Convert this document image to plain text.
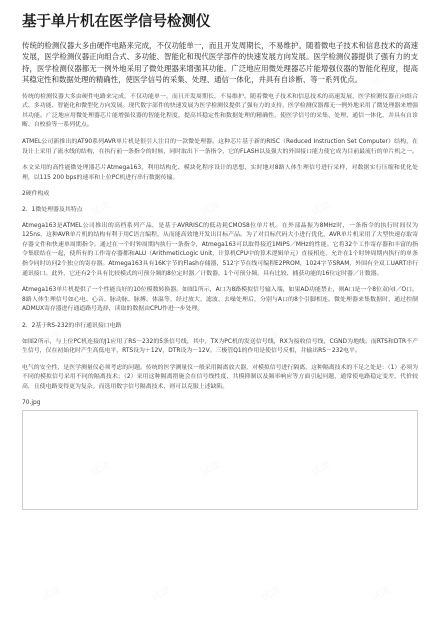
基于单片机在医学信号检测仪

传统的检测仪器大多由硬件电路来完成，不仅功能单一，而且开发周期长，不易维护。随着微电子技术和信息技术的高速发展，医学检测仪器正向组合式、多功能、智能化和现代医学部件的快速发展方向发展。医学检测仪器提供了强有力的支持，医学检测仪器都无一例外地采用了微处理器来增强其功能。广泛地应用微处理器芯片能增强仪器的智能化程度，提高其稳定性和数据处理的精确性，使医学信号的采集、处理、通信一体化，并具有自诊断、等一系列优点。

传统的检测仪器大多由硬件电路来完成，不仅功能单一，而且开发周期长，不易维护。随着微电子技术和信息技术的高速发展，医学检测仪器正向组合式、多功能、智能化和微型化方向发展。现代数字部件的快速发展为医学检测仪提供了强有力的支持，医学检测仪器都无一例外地采用了微处理器来增强其功能。广泛地应用微处理器芯片能增强仪器的智能化程度，提高其稳定性和数据处理的精确性，使医学信号的采集、处理、通信一体化，并具有自诊断、自校验等一系列优点。

ATMEL公司新推出的AT90系列AVR单片机是很引人注目的一款微处理器。这种芯片基于新的RISC（Reduced Instruction Set Computer）结构，在设计上采用了流水线的结构，在执行前一条指令的时候，同时取出下一条指令，它的FLASH以及强大的外围接口能力使它成为目前最流行的单片机之一。

本文采用的高性能微处理器芯片Atmega163，利用结构化、模块化程序设计的思想，实时地对8路人体生理信号进行采样，对数据实行压缩和优化处理，以115 200 bps的速率和上位PC机进行串行数据传输。

2硬件构成

2．1微处理器及其特点

Atmega163是ATMEL公司推出的高档系列产品，是基于AVRRISC的低功耗CMOS8位单片机。在外部晶振为8MHz时，一条指令的执行时间仅为125ns，这种AVR单片机的结构有利于用C语言编程，从而能高效地开发出目标产品。为了对目标代码大小进行优化，AVR单片机采用了大型快速存取寄存器文件和快速单周期指令。通过在一个时钟周期内执行一条指令，Atmega163可以取得接近1MIPS／MHz的性能。它将32个工作寄存器和丰富的指令集联结在一起，使所有的工作寄存器都和ALU（ArithmeticLogic Unit，计算机CPU中的算术逻辑单元）直接相连，允许在1个时钟周期内执行的单条指令同时访问2个独立的寄存器。Atmega163具有16K字节的Flash存储器，512字节在线可编程E2PROM，1024字节SRAM，外围有全双工UART串行通讯接口。此外，它还有2个具有比较模式的可预分频的8位定时器／计数器，1个可预分频，具有比较、捕获功能的16位定时器／计数器。

Atmega163单片机提供了一个性能良好的10位模数转换器。如图1所示，A口为8路模拟信号输入端，如果AD功能禁止，则A口是一个8位双向I／O口。8路人体生理信号如心电、心音、脉动脉、脉搏、体温等，经过放大、滤波、去噪处理后，分别与A口的8个引脚相连。微处理器来集数据时，通过控制ADMUX寄存器进行通道路号选择，读取的数据由CPU作进一步处理。

2．2基于RS-232的串行通讯接口电路

如图2所示，与上位PC机连接的J1应用了RS－232的5条信号线，其中，TX为PC机的发送信号线，RX为接收信号线，CGND为地线。而RTS和DTR不产生信号，仅在初始化时产生高低电平，RTS设为＋12V，DTR设为－12V。三极管Q1的作用是使信号反相，并输出RS－232电平。

电气的安全性，是医学测量仪必须考虑的问题。传统的医学测量仪一般采用隔离放大器，对模拟信号进行隔离，这种隔离技术的不足之处是：（1）必须为不同的模拟信号采用不同的隔离技术；（2）采用这种隔离措施会在信号线性度、共模抑制以及频率响应等方面引起问题，通常使电路稳定变差，代价较高，且使电路变得更为复杂。而选用数字信号隔离技术，则可以克服上述缺陷。

70.jpg
